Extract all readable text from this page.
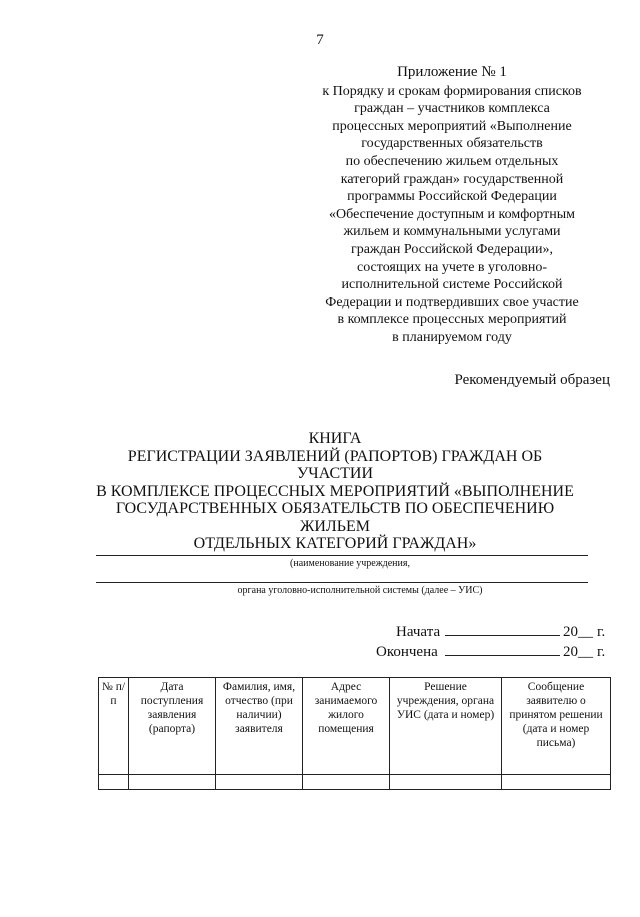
7
Приложение № 1
к Порядку и срокам формирования списков
граждан – участников комплекса
процессных мероприятий «Выполнение
государственных обязательств
по обеспечению жильем отдельных
категорий граждан» государственной
программы Российской Федерации
«Обеспечение доступным и комфортным
жильем и коммунальными услугами
граждан Российской Федерации»,
состоящих на учете в уголовно-
исполнительной системе Российской
Федерации и подтвердивших свое участие
в комплексе процессных мероприятий
в планируемом году
Рекомендуемый образец
КНИГА
РЕГИСТРАЦИИ ЗАЯВЛЕНИЙ (РАПОРТОВ) ГРАЖДАН ОБ УЧАСТИИ
В КОМПЛЕКСЕ ПРОЦЕССНЫХ МЕРОПРИЯТИЙ «ВЫПОЛНЕНИЕ
ГОСУДАРСТВЕННЫХ ОБЯЗАТЕЛЬСТВ ПО ОБЕСПЕЧЕНИЮ ЖИЛЬЕМ
ОТДЕЛЬНЫХ КАТЕГОРИЙ ГРАЖДАН»
(наименование учреждения,
органа уголовно-исполнительной системы (далее – УИС)
Начата	20__ г.
Окончена	20__ г.
№ п/п	Дата поступления заявления (рапорта)	Фамилия, имя, отчество (при наличии) заявителя	Адрес занимаемого жилого помещения	Решение учреждения, органа УИС (дата и номер)	Сообщение заявителю о принятом решении (дата и номер письма)
